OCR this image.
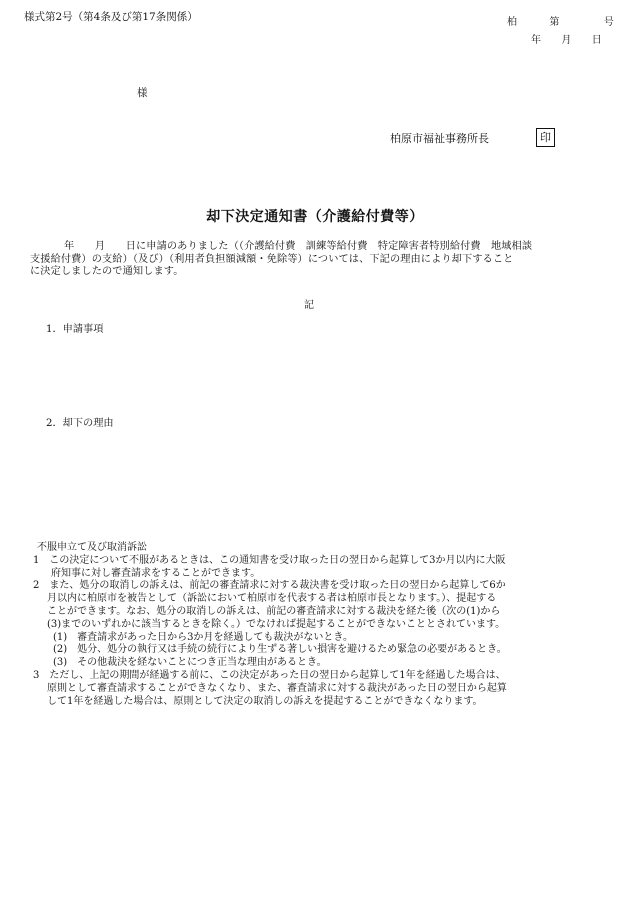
様式第2号（第4条及び第17条関係）	柏	第	号
年 月 日
様
柏原市福祉事務所長	印
却下決定通知書（介護給付費等）
年　　月　　日に申請のありました（（介護給付費　訓練等給付費　特定障害者特別給付費　地域相談
支援給付費）の支給）（及び）（利用者負担額減額・免除等）については、下記の理由により却下すること
に決定しましたので通知します。
記
1．申請事項
2．却下の理由
不服申立て及び取消訴訟
1　この決定について不服があるときは、この通知書を受け取った日の翌日から起算して3か月以内に大阪
府知事に対し審査請求をすることができます。
2　また、処分の取消しの訴えは、前記の審査請求に対する裁決書を受け取った日の翌日から起算して6か
月以内に柏原市を被告として（訴訟において柏原市を代表する者は柏原市長となります。）、提起する
ことができます。なお、処分の取消しの訴えは、前記の審査請求に対する裁決を経た後（次の(1)から
(3)までのいずれかに該当するときを除く。）でなければ提起することができないこととされています。
(1)　審査請求があった日から3か月を経過しても裁決がないとき。
(2)　処分、処分の執行又は手続の続行により生ずる著しい損害を避けるため緊急の必要があるとき。
(3)　その他裁決を経ないことにつき正当な理由があるとき。
3　ただし、上記の期間が経過する前に、この決定があった日の翌日から起算して1年を経過した場合は、
原則として審査請求することができなくなり、また、審査請求に対する裁決があった日の翌日から起算
して1年を経過した場合は、原則として決定の取消しの訴えを提起することができなくなります。
